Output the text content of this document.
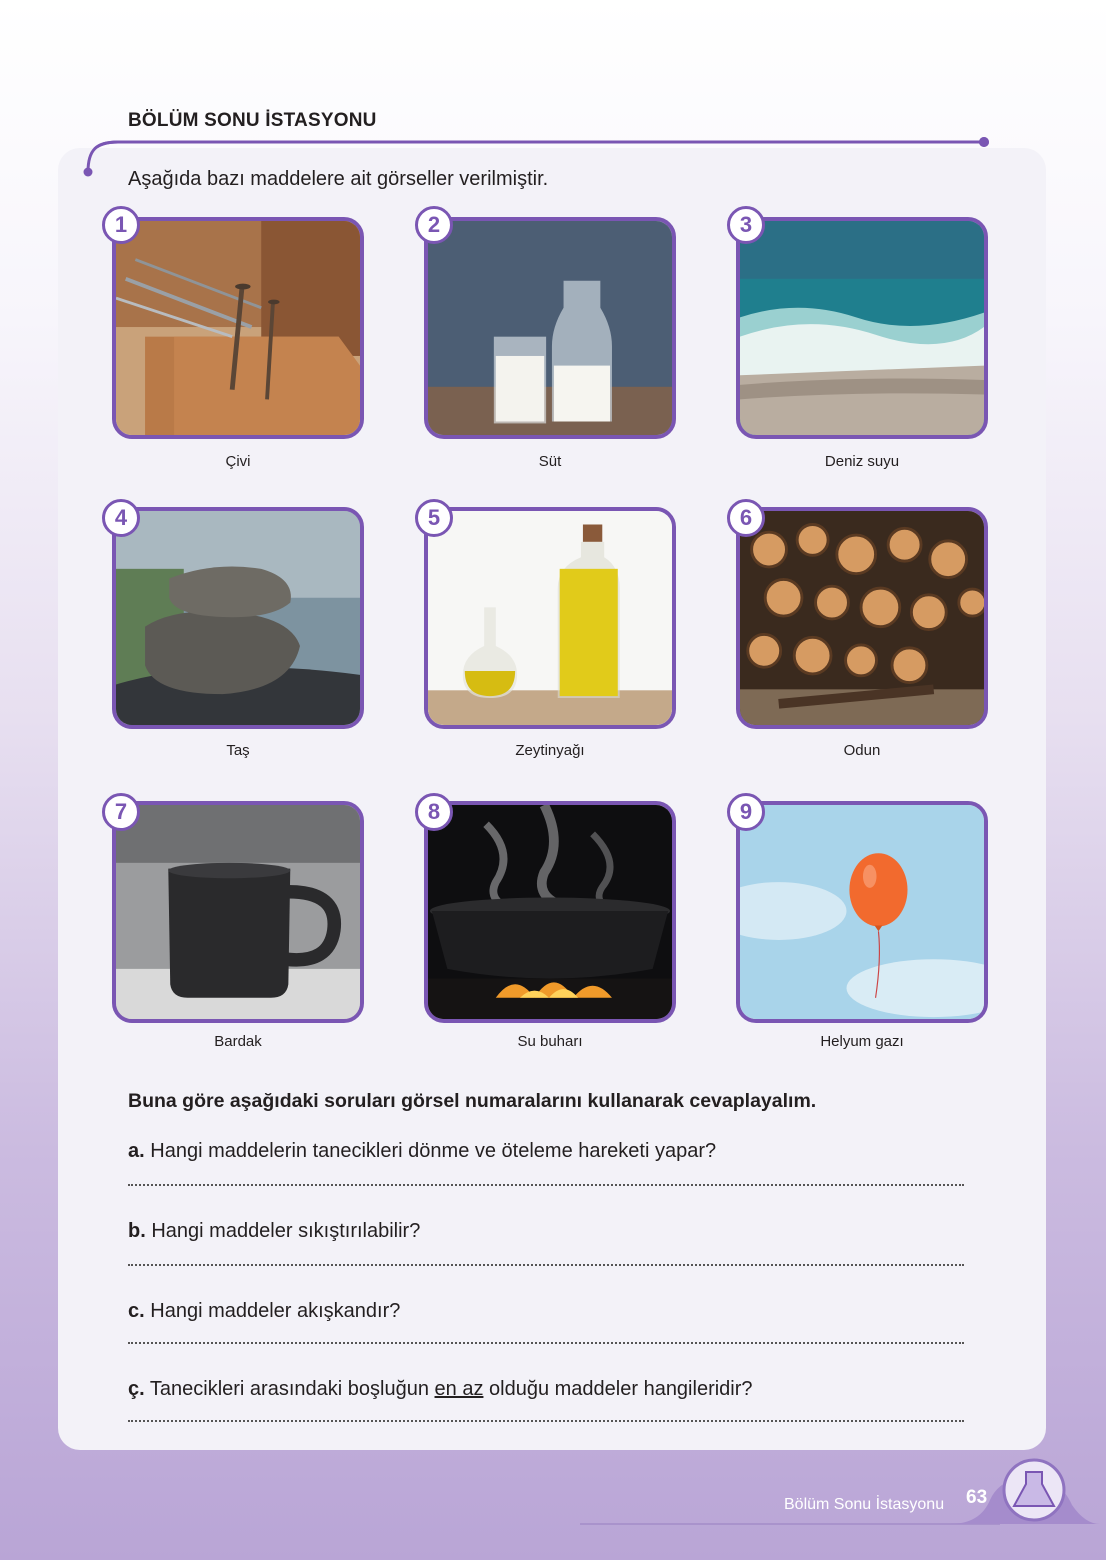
BÖLÜM SONU İSTASYONU
Aşağıda bazı maddelere ait görseller verilmiştir.
1
Çivi
2
Süt
3
Deniz suyu
4
Taş
5
Zeytinyağı
6
Odun
7
Bardak
8
Su buharı
9
Helyum gazı
Buna göre aşağıdaki soruları görsel numaralarını kullanarak cevaplayalım.
a. Hangi maddelerin tanecikleri dönme ve öteleme hareketi yapar?
b. Hangi maddeler sıkıştırılabilir?
c. Hangi maddeler akışkandır?
ç. Tanecikleri arasındaki boşluğun en az olduğu maddeler hangileridir?
Bölüm Sonu İstasyonu 63
